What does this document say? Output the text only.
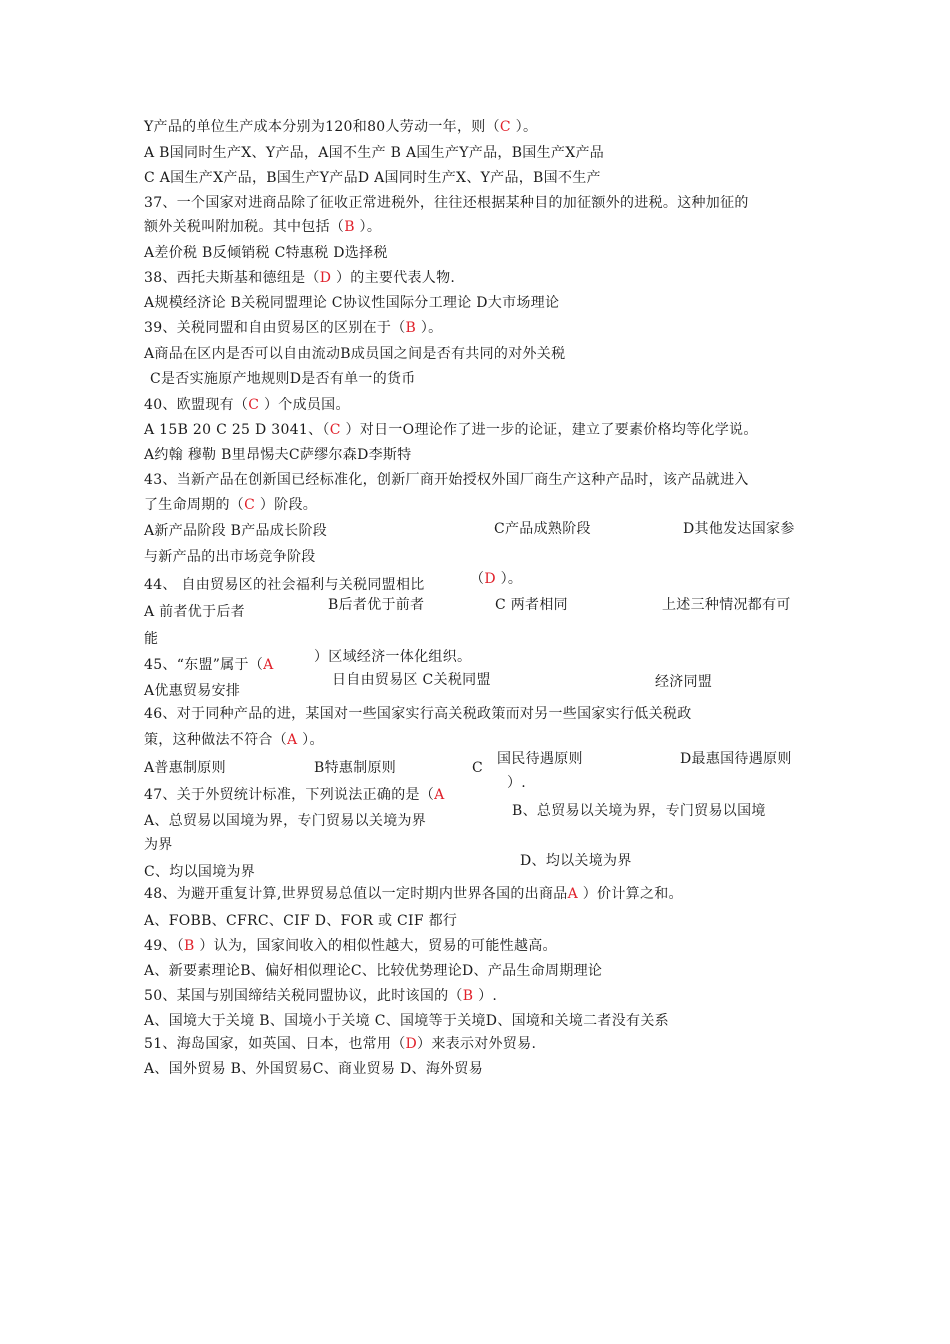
Y产品的单位生产成本分别为120和80人劳动一年，则（C ）。
A B国同时生产X、Y产品，A国不生产 B A国生产Y产品，B国生产X产品
C A国生产X产品，B国生产Y产品D A国同时生产X、Y产品，B国不生产
37、一个国家对进商品除了征收正常进税外，往往还根据某种目的加征额外的进税。这种加征的
额外关税叫附加税。其中包括（B ）。
A差价税 B反倾销税 C特惠税 D选择税
38、西托夫斯基和德纽是（D ）的主要代表人物.
A规模经济论 B关税同盟理论 C协议性国际分工理论 D大市场理论
39、关税同盟和自由贸易区的区别在于（B ）。
A商品在区内是否可以自由流动B成员国之间是否有共同的对外关税
C是否实施原产地规则D是否有单一的货币
40、欧盟现有（C ）个成员国。
A 15B 20 C 25 D 3041、（C ）对日一O理论作了进一步的论证，建立了要素价格均等化学说。
A约翰 穆勒 B里昂惕夫C萨缪尔森D李斯特
43、当新产品在创新国已经标准化，创新厂商开始授权外国厂商生产这种产品时，该产品就进入
了生命周期的（C ）阶段。
A新产品阶段 B产品成长阶段	C产品成熟阶段	D其他发达国家参
与新产品的出市场竞争阶段
44、 自由贸易区的社会福利与关税同盟相比	（D ）。
A 前者优于后者	B后者优于前者	C 两者相同	上述三种情况都有可
能
45、“东盟”属于（A	）区域经济一体化组织。
A优惠贸易安排
日自由贸易区 C关税同盟	经济同盟
46、对于同种产品的进，某国对一些国家实行高关税政策而对另一些国家实行低关税政
策，这种做法不符合（A ）。
A普惠制原则	B特惠制原则	C
国民待遇原则	D最惠国待遇原则
）.
47、关于外贸统计标准，下列说法正确的是（A
B、总贸易以关境为界，专门贸易以国境
A、总贸易以国境为界，专门贸易以关境为界
为界
D、均以关境为界
C、均以国境为界
48、为避开重复计算,世界贸易总值以一定时期内世界各国的出商品A ）价计算之和。
A、FOBB、CFRC、CIF D、FOR 或 CIF 都行
49、（B ）认为，国家间收入的相似性越大，贸易的可能性越高。
A、新要素理论B、偏好相似理论C、比较优势理论D、产品生命周期理论
50、某国与别国缔结关税同盟协议，此时该国的（B ）.
A、国境大于关境 B、国境小于关境 C、国境等于关境D、国境和关境二者没有关系
51、海岛国家，如英国、日本，也常用（D）来表示对外贸易.
A、国外贸易 B、外国贸易C、商业贸易 D、海外贸易
